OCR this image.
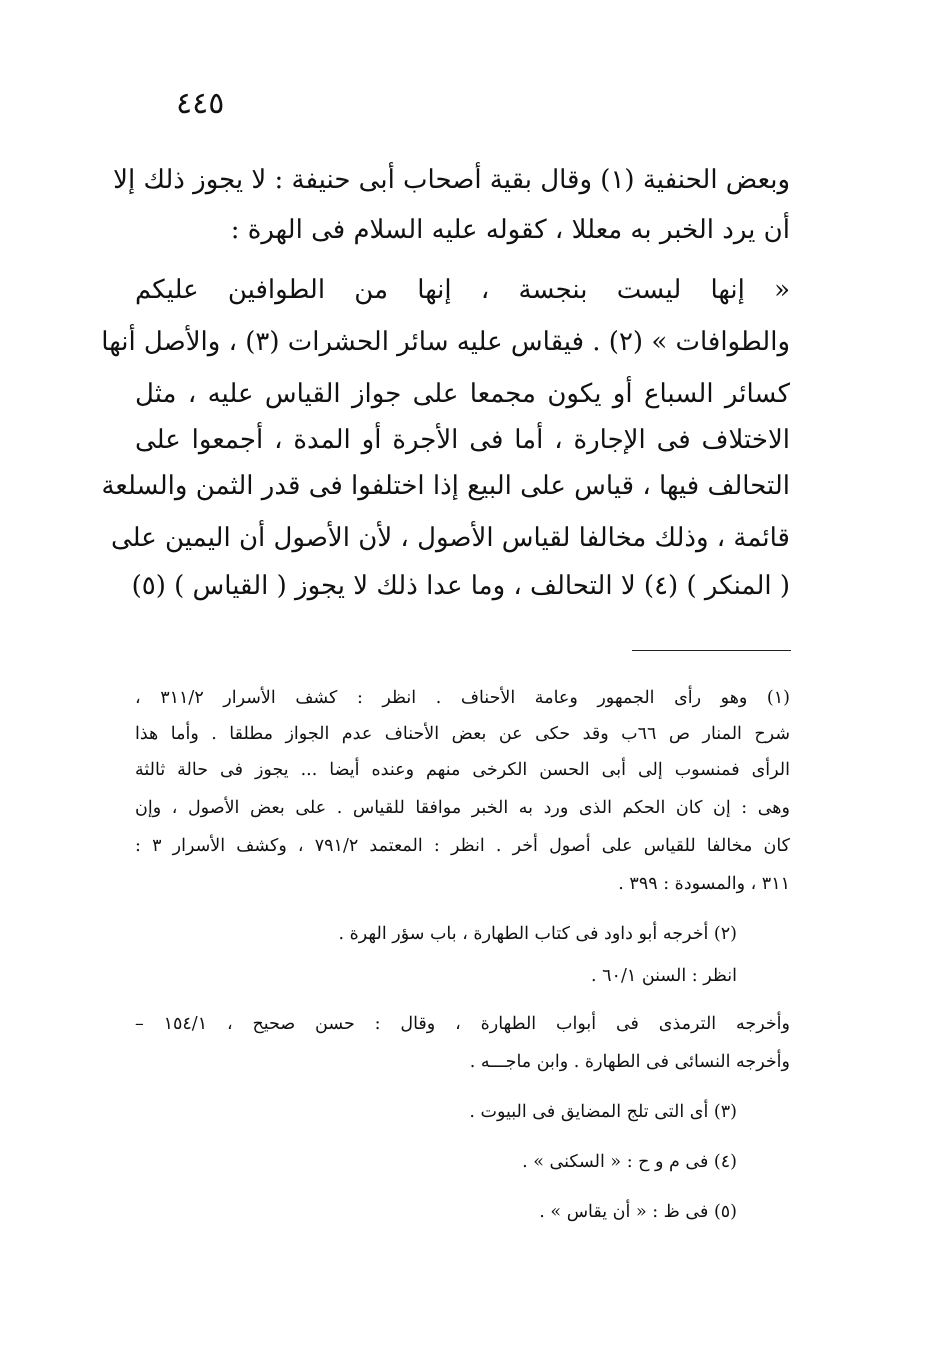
٤٤٥
وبعض الحنفية (١) وقال بقية أصحاب أبى حنيفة : لا يجوز ذلك إلا
أن يرد الخبر به معللا ، كقوله عليه السلام فى الهرة :
« إنها ليست بنجسة ، إنها من الطوافين عليكم
والطوافات » (٢) . فيقاس عليه سائر الحشرات (٣) ، والأصل أنها
كسائر السباع أو يكون مجمعا على جواز القياس عليه ، مثل
الاختلاف فى الإجارة ، أما فى الأجرة أو المدة ، أجمعوا على
التحالف فيها ، قياس على البيع إذا اختلفوا فى قدر الثمن والسلعة
قائمة ، وذلك مخالفا لقياس الأصول ، لأن الأصول أن اليمين على
( المنكر ) (٤) لا التحالف ، وما عدا ذلك لا يجوز ( القياس ) (٥)
(١) وهو رأى الجمهور وعامة الأحناف . انظر : كشف الأسرار ٣١١/٢ ،
شرح المنار ص ٦٦ب وقد حكى عن بعض الأحناف عدم الجواز مطلقا . وأما هذا
الرأى فمنسوب إلى أبى الحسن الكرخى منهم وعنده أيضا ... يجوز فى حالة ثالثة
وهى : إن كان الحكم الذى ورد به الخبر موافقا للقياس . على بعض الأصول ، وإن
كان مخالفا للقياس على أصول أخر . انظر : المعتمد ٧٩١/٢ ، وكشف الأسرار ٣ :
٣١١ ، والمسودة : ٣٩٩ .
(٢) أخرجه أبو داود فى كتاب الطهارة ، باب سؤر الهرة .
انظر : السنن ٦٠/١ .
وأخرجه الترمذى فى أبواب الطهارة ، وقال : حسن صحيح ، ١٥٤/١ –
وأخرجه النسائى فى الطهارة . وابن ماجـــه .
(٣) أى التى تلج المضايق فى البيوت .
(٤) فى م و ح : « السكنى » .
(٥) فى ظ : « أن يقاس » .
